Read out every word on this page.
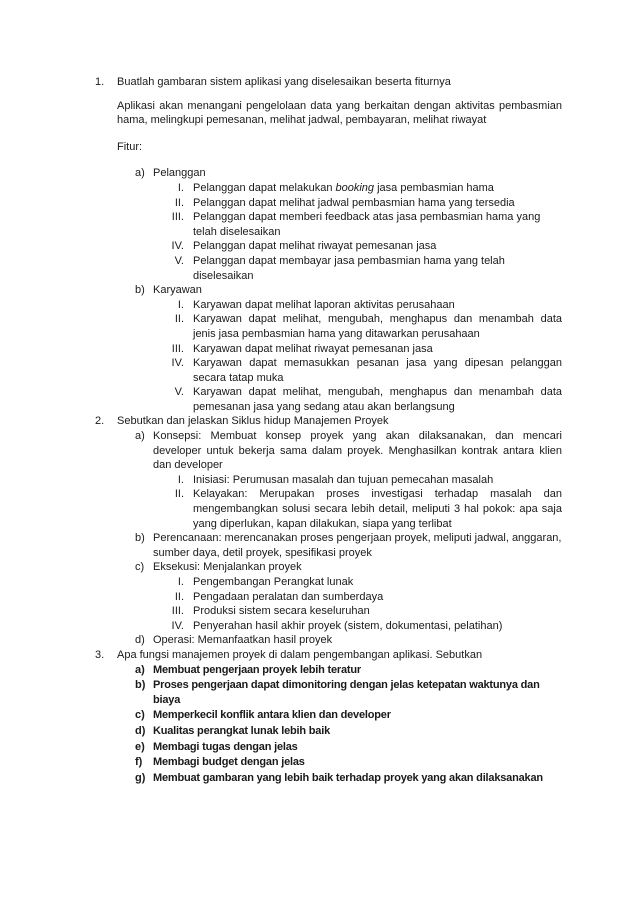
1. Buatlah gambaran sistem aplikasi yang diselesaikan beserta fiturnya
Aplikasi akan menangani pengelolaan data yang berkaitan dengan aktivitas pembasmian hama, melingkupi pemesanan, melihat jadwal, pembayaran, melihat riwayat
Fitur:
a) Pelanggan
I. Pelanggan dapat melakukan booking jasa pembasmian hama
II. Pelanggan dapat melihat jadwal pembasmian hama yang tersedia
III. Pelanggan dapat memberi feedback atas jasa pembasmian hama yang telah diselesaikan
IV. Pelanggan dapat melihat riwayat pemesanan jasa
V. Pelanggan dapat membayar jasa pembasmian hama yang telah diselesaikan
b) Karyawan
I. Karyawan dapat melihat laporan aktivitas perusahaan
II. Karyawan dapat melihat, mengubah, menghapus dan menambah data jenis jasa pembasmian hama yang ditawarkan perusahaan
III. Karyawan dapat melihat riwayat pemesanan jasa
IV. Karyawan dapat memasukkan pesanan jasa yang dipesan pelanggan secara tatap muka
V. Karyawan dapat melihat, mengubah, menghapus dan menambah data pemesanan jasa yang sedang atau akan berlangsung
2. Sebutkan dan jelaskan Siklus hidup Manajemen Proyek
a) Konsepsi: Membuat konsep proyek yang akan dilaksanakan, dan mencari developer untuk bekerja sama dalam proyek. Menghasilkan kontrak antara klien dan developer
I. Inisiasi: Perumusan masalah dan tujuan pemecahan masalah
II. Kelayakan: Merupakan proses investigasi terhadap masalah dan mengembangkan solusi secara lebih detail, meliputi 3 hal pokok: apa saja yang diperlukan, kapan dilakukan, siapa yang terlibat
b) Perencanaan: merencanakan proses pengerjaan proyek, meliputi jadwal, anggaran, sumber daya, detil proyek, spesifikasi proyek
c) Eksekusi: Menjalankan proyek
I. Pengembangan Perangkat lunak
II. Pengadaan peralatan dan sumberdaya
III. Produksi sistem secara keseluruhan
IV. Penyerahan hasil akhir proyek (sistem, dokumentasi, pelatihan)
d) Operasi: Memanfaatkan hasil proyek
3. Apa fungsi manajemen proyek di dalam pengembangan aplikasi. Sebutkan
a) Membuat pengerjaan proyek lebih teratur
b) Proses pengerjaan dapat dimonitoring dengan jelas ketepatan waktunya dan biaya
c) Memperkecil konflik antara klien dan developer
d) Kualitas perangkat lunak lebih baik
e) Membagi tugas dengan jelas
f) Membagi budget dengan jelas
g) Membuat gambaran yang lebih baik terhadap proyek yang akan dilaksanakan
